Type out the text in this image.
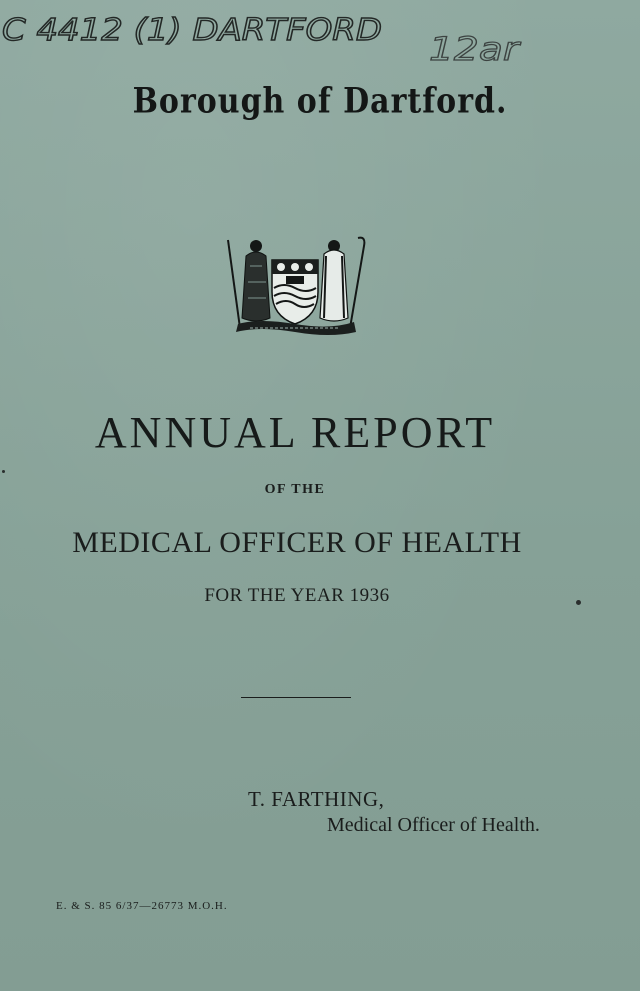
C 4412 (1) DARTFORD 12ar
Borough of Dartford.
ANNUAL REPORT
OF THE
MEDICAL OFFICER OF HEALTH
FOR THE YEAR 1936
T. FARTHING,
Medical Officer of Health.
E. & S. 85 6/37—26773 M.O.H.
